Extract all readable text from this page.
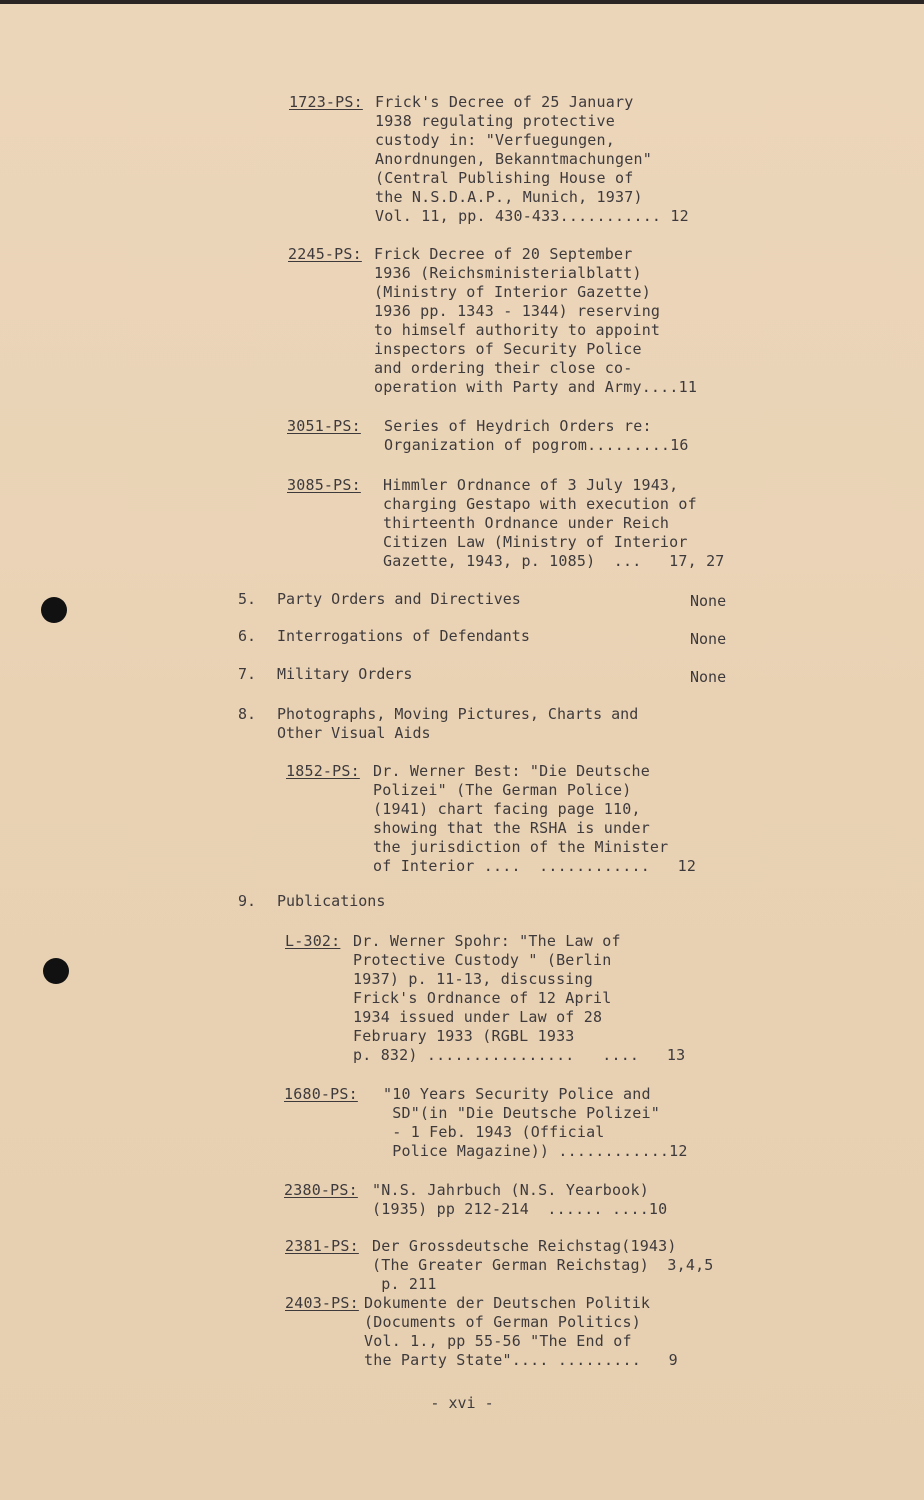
1723-PS: Frick's Decree of 25 January
1938 regulating protective
custody in: "Verfuegungen,
Anordnungen, Bekanntmachungen"
(Central Publishing House of
the N.S.D.A.P., Munich, 1937)
Vol. 11, pp. 430-433........... 12
2245-PS: Frick Decree of 20 September
1936 (Reichsministerialblatt)
(Ministry of Interior Gazette)
1936 pp. 1343 - 1344) reserving
to himself authority to appoint
inspectors of Security Police
and ordering their close co-
operation with Party and Army....11
3051-PS: Series of Heydrich Orders re:
Organization of pogrom.........16
3085-PS: Himmler Ordnance of 3 July 1943,
charging Gestapo with execution of
thirteenth Ordnance under Reich
Citizen Law (Ministry of Interior
Gazette, 1943, p. 1085)  ...   17, 27
5. Party Orders and Directives	None
6. Interrogations of Defendants	None
7. Military Orders	None
8. Photographs, Moving Pictures, Charts and
Other Visual Aids
1852-PS: Dr. Werner Best: "Die Deutsche
Polizei" (The German Police)
(1941) chart facing page 110,
showing that the RSHA is under
the jurisdiction of the Minister
of Interior ....  ............   12
9. Publications
L-302: Dr. Werner Spohr: "The Law of
Protective Custody " (Berlin
1937) p. 11-13, discussing
Frick's Ordnance of 12 April
1934 issued under Law of 28
February 1933 (RGBL 1933
p. 832) ................   ....   13
1680-PS: "10 Years Security Police and
SD"(in "Die Deutsche Polizei"
- 1 Feb. 1943 (Official
Police Magazine)) ............12
2380-PS: "N.S. Jahrbuch (N.S. Yearbook)
(1935) pp 212-214  ...... ....10
2381-PS: Der Grossdeutsche Reichstag(1943)
(The Greater German Reichstag)  3,4,5
p. 211
2403-PS: Dokumente der Deutschen Politik
(Documents of German Politics)
Vol. 1., pp 55-56 "The End of
the Party State".... .........   9
- xvi -
